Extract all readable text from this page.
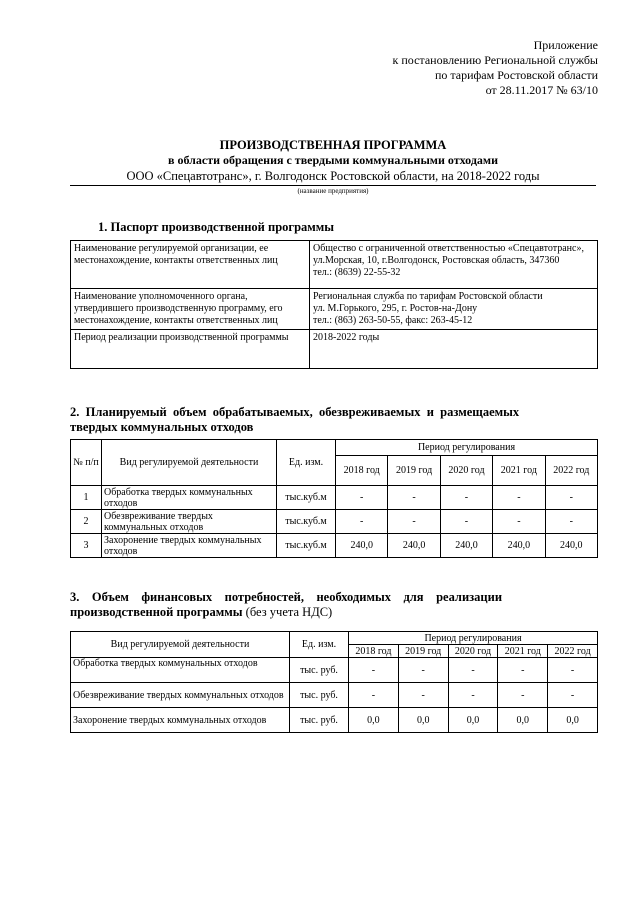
Приложение
к постановлению Региональной службы
по тарифам Ростовской области
от 28.11.2017 № 63/10
ПРОИЗВОДСТВЕННАЯ ПРОГРАММА
в области обращения с твердыми коммунальными отходами
ООО «Спецавтотранс», г. Волгодонск Ростовской области, на 2018-2022 годы
(название предприятия)
1. Паспорт производственной программы
Наименование регулируемой организации, ее местонахождение, контакты ответственных лиц	Общество с ограниченной ответственностью «Спецавтотранс»,
ул.Морская, 10, г.Волгодонск, Ростовская область, 347360
тел.: (8639) 22-55-32

Наименование уполномоченного органа, утвердившего производственную программу, его местонахождение, контакты ответственных лиц	Региональная служба по тарифам Ростовской области
ул. М.Горького, 295, г. Ростов-на-Дону
тел.: (863) 263-50-55, факс: 263-45-12

Период реализации производственной программы	2018-2022 годы
2.  Планируемый  объем  обрабатываемых,  обезвреживаемых  и  размещаемых
твердых коммунальных отходов
№ п/п	Вид регулируемой деятельности	Ед. изм.	Период регулирования				
			2018 год	2019 год	2020 год	2021 год	2022 год
1	Обработка твердых коммунальных отходов	тыс.куб.м	-	-	-	-	-
2	Обезвреживание твердых коммунальных отходов	тыс.куб.м	-	-	-	-	-
3	Захоронение твердых коммунальных отходов	тыс.куб.м	240,0	240,0	240,0	240,0	240,0
3.    Объем    финансовых    потребностей,    необходимых    для    реализации
производственной программы (без учета НДС)
Вид регулируемой деятельности	Ед. изм.	Период регулирования				
		2018 год	2019 год	2020 год	2021 год	2022 год
Обработка твердых коммунальных отходов	тыс. руб.	-	-	-	-	-
Обезвреживание твердых коммунальных отходов	тыс. руб.	-	-	-	-	-
Захоронение твердых коммунальных отходов	тыс. руб.	0,0	0,0	0,0	0,0	0,0
